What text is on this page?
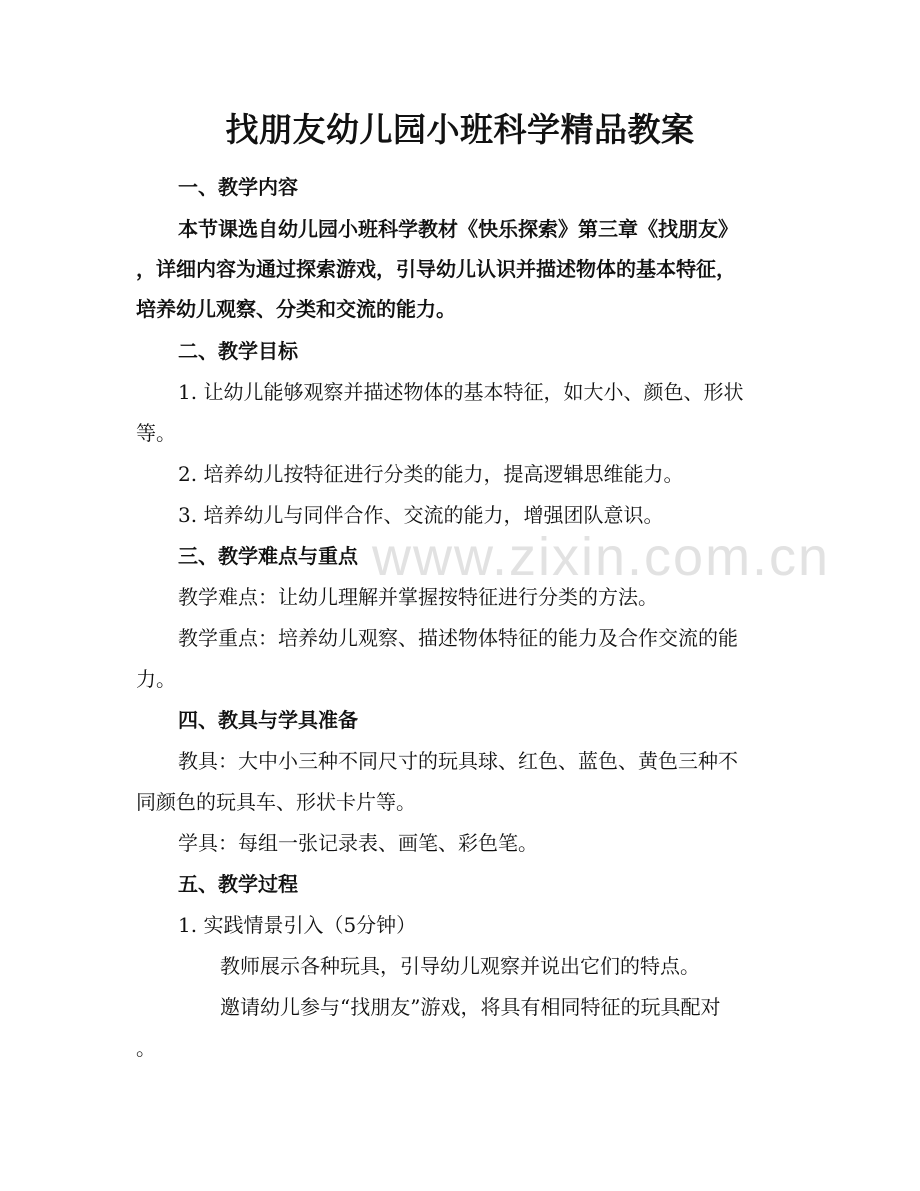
www.zixin.com.cn
找朋友幼儿园小班科学精品教案
一、教学内容
本节课选自幼儿园小班科学教材《快乐探索》第三章《找朋友》
，详细内容为通过探索游戏，引导幼儿认识并描述物体的基本特征，
培养幼儿观察、分类和交流的能力。
二、教学目标
1. 让幼儿能够观察并描述物体的基本特征，如大小、颜色、形状
等。
2. 培养幼儿按特征进行分类的能力，提高逻辑思维能力。
3. 培养幼儿与同伴合作、交流的能力，增强团队意识。
三、教学难点与重点
教学难点：让幼儿理解并掌握按特征进行分类的方法。
教学重点：培养幼儿观察、描述物体特征的能力及合作交流的能
力。
四、教具与学具准备
教具：大中小三种不同尺寸的玩具球、红色、蓝色、黄色三种不
同颜色的玩具车、形状卡片等。
学具：每组一张记录表、画笔、彩色笔。
五、教学过程
1. 实践情景引入（5分钟）
教师展示各种玩具，引导幼儿观察并说出它们的特点。
邀请幼儿参与“找朋友”游戏，将具有相同特征的玩具配对
。
